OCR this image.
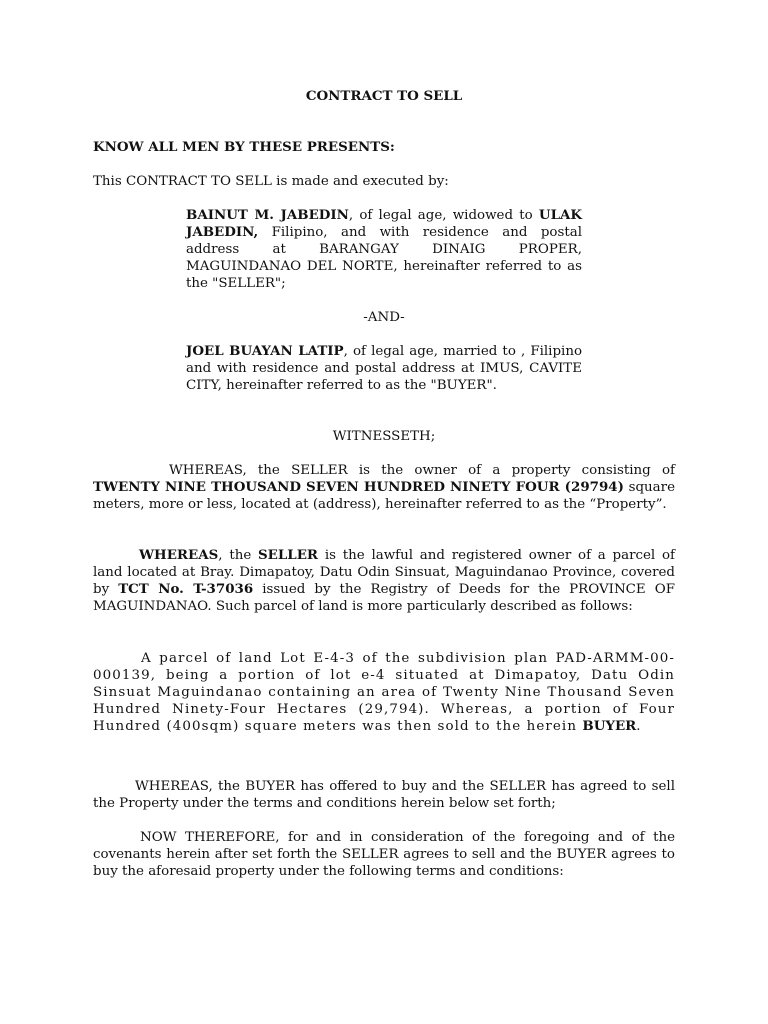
CONTRACT TO SELL

KNOW ALL MEN BY THESE PRESENTS:

This CONTRACT TO SELL is made and executed by:

BAINUT M. JABEDIN, of legal age, widowed to ULAK JABEDIN, Filipino, and with residence and postal address at BARANGAY DINAIG PROPER, MAGUINDANAO DEL NORTE, hereinafter referred to as the "SELLER";

-AND-

JOEL BUAYAN LATIP, of legal age, married to , Filipino and with residence and postal address at IMUS, CAVITE CITY, hereinafter referred to as the "BUYER".

WITNESSETH;

WHEREAS, the SELLER is the owner of a property consisting of TWENTY NINE THOUSAND SEVEN HUNDRED NINETY FOUR (29794) square meters, more or less, located at (address), hereinafter referred to as the “Property”.

WHEREAS, the SELLER is the lawful and registered owner of a parcel of land located at Bray. Dimapatoy, Datu Odin Sinsuat, Maguindanao Province, covered by TCT No. T-37036 issued by the Registry of Deeds for the PROVINCE OF MAGUINDANAO. Such parcel of land is more particularly described as follows:

A parcel of land Lot E-4-3 of the subdivision plan PAD-ARMM-00-000139, being a portion of lot e-4 situated at Dimapatoy, Datu Odin Sinsuat Maguindanao containing an area of Twenty Nine Thousand Seven Hundred Ninety-Four Hectares (29,794). Whereas, a portion of Four Hundred (400sqm) square meters was then sold to the herein BUYER.

WHEREAS, the BUYER has offered to buy and the SELLER has agreed to sell the Property under the terms and conditions herein below set forth;

NOW THEREFORE, for and in consideration of the foregoing and of the covenants herein after set forth the SELLER agrees to sell and the BUYER agrees to buy the aforesaid property under the following terms and conditions:
